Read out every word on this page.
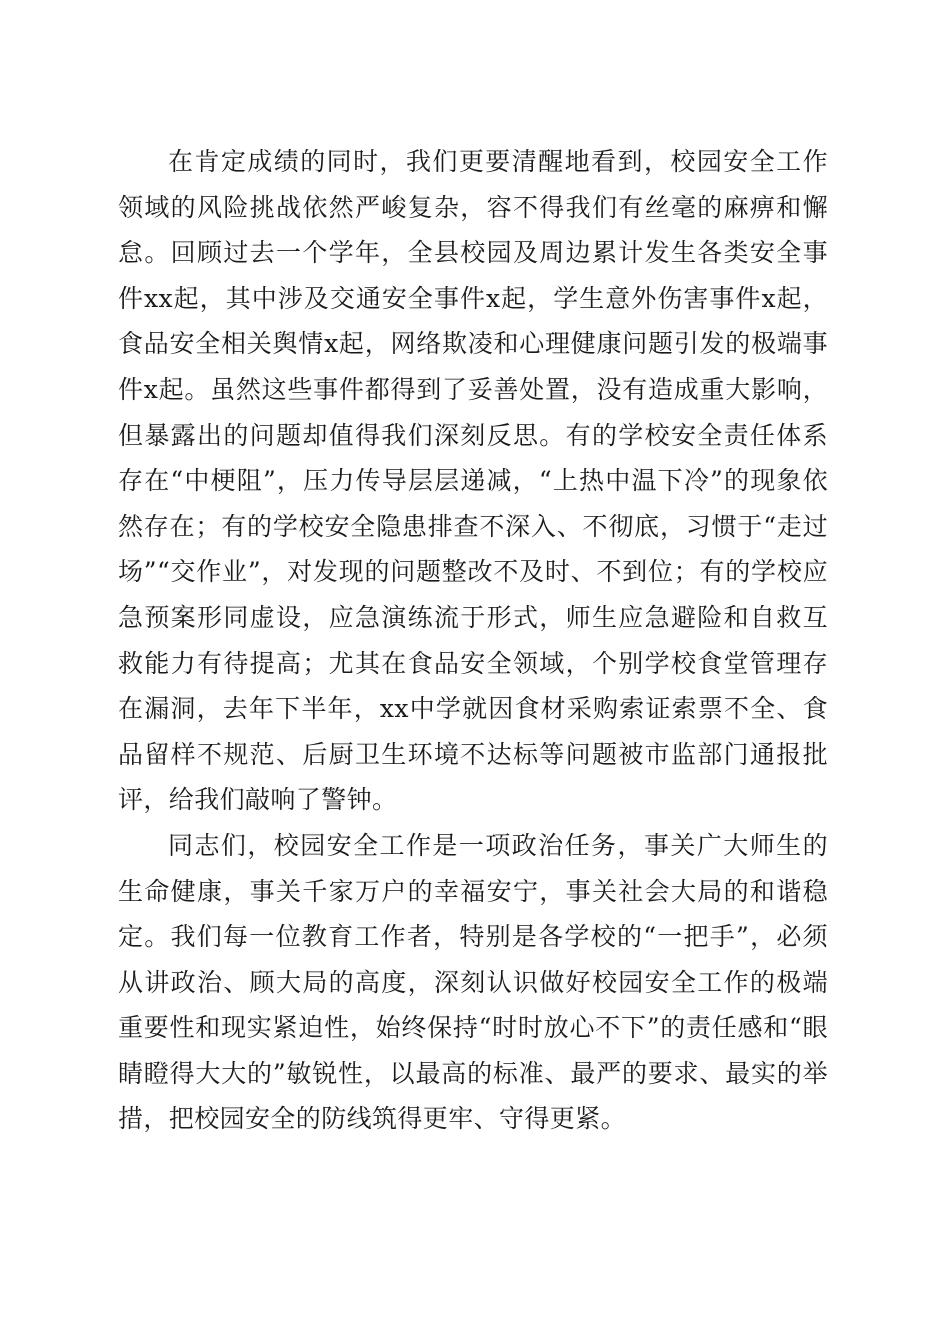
在肯定成绩的同时，我们更要清醒地看到，校园安全工作领域的风险挑战依然严峻复杂，容不得我们有丝毫的麻痹和懈怠。回顾过去一个学年，全县校园及周边累计发生各类安全事件xx起，其中涉及交通安全事件x起，学生意外伤害事件x起，食品安全相关舆情x起，网络欺凌和心理健康问题引发的极端事件x起。虽然这些事件都得到了妥善处置，没有造成重大影响，但暴露出的问题却值得我们深刻反思。有的学校安全责任体系存在“中梗阻”，压力传导层层递减，“上热中温下冷”的现象依然存在；有的学校安全隐患排查不深入、不彻底，习惯于“走过场”“交作业”，对发现的问题整改不及时、不到位；有的学校应急预案形同虚设，应急演练流于形式，师生应急避险和自救互救能力有待提高；尤其在食品安全领域，个别学校食堂管理存在漏洞，去年下半年，xx中学就因食材采购索证索票不全、食品留样不规范、后厨卫生环境不达标等问题被市监部门通报批评，给我们敲响了警钟。

同志们，校园安全工作是一项政治任务，事关广大师生的生命健康，事关千家万户的幸福安宁，事关社会大局的和谐稳定。我们每一位教育工作者，特别是各学校的“一把手”，必须从讲政治、顾大局的高度，深刻认识做好校园安全工作的极端重要性和现实紧迫性，始终保持“时时放心不下”的责任感和“眼睛瞪得大大的”敏锐性，以最高的标准、最严的要求、最实的举措，把校园安全的防线筑得更牢、守得更紧。
